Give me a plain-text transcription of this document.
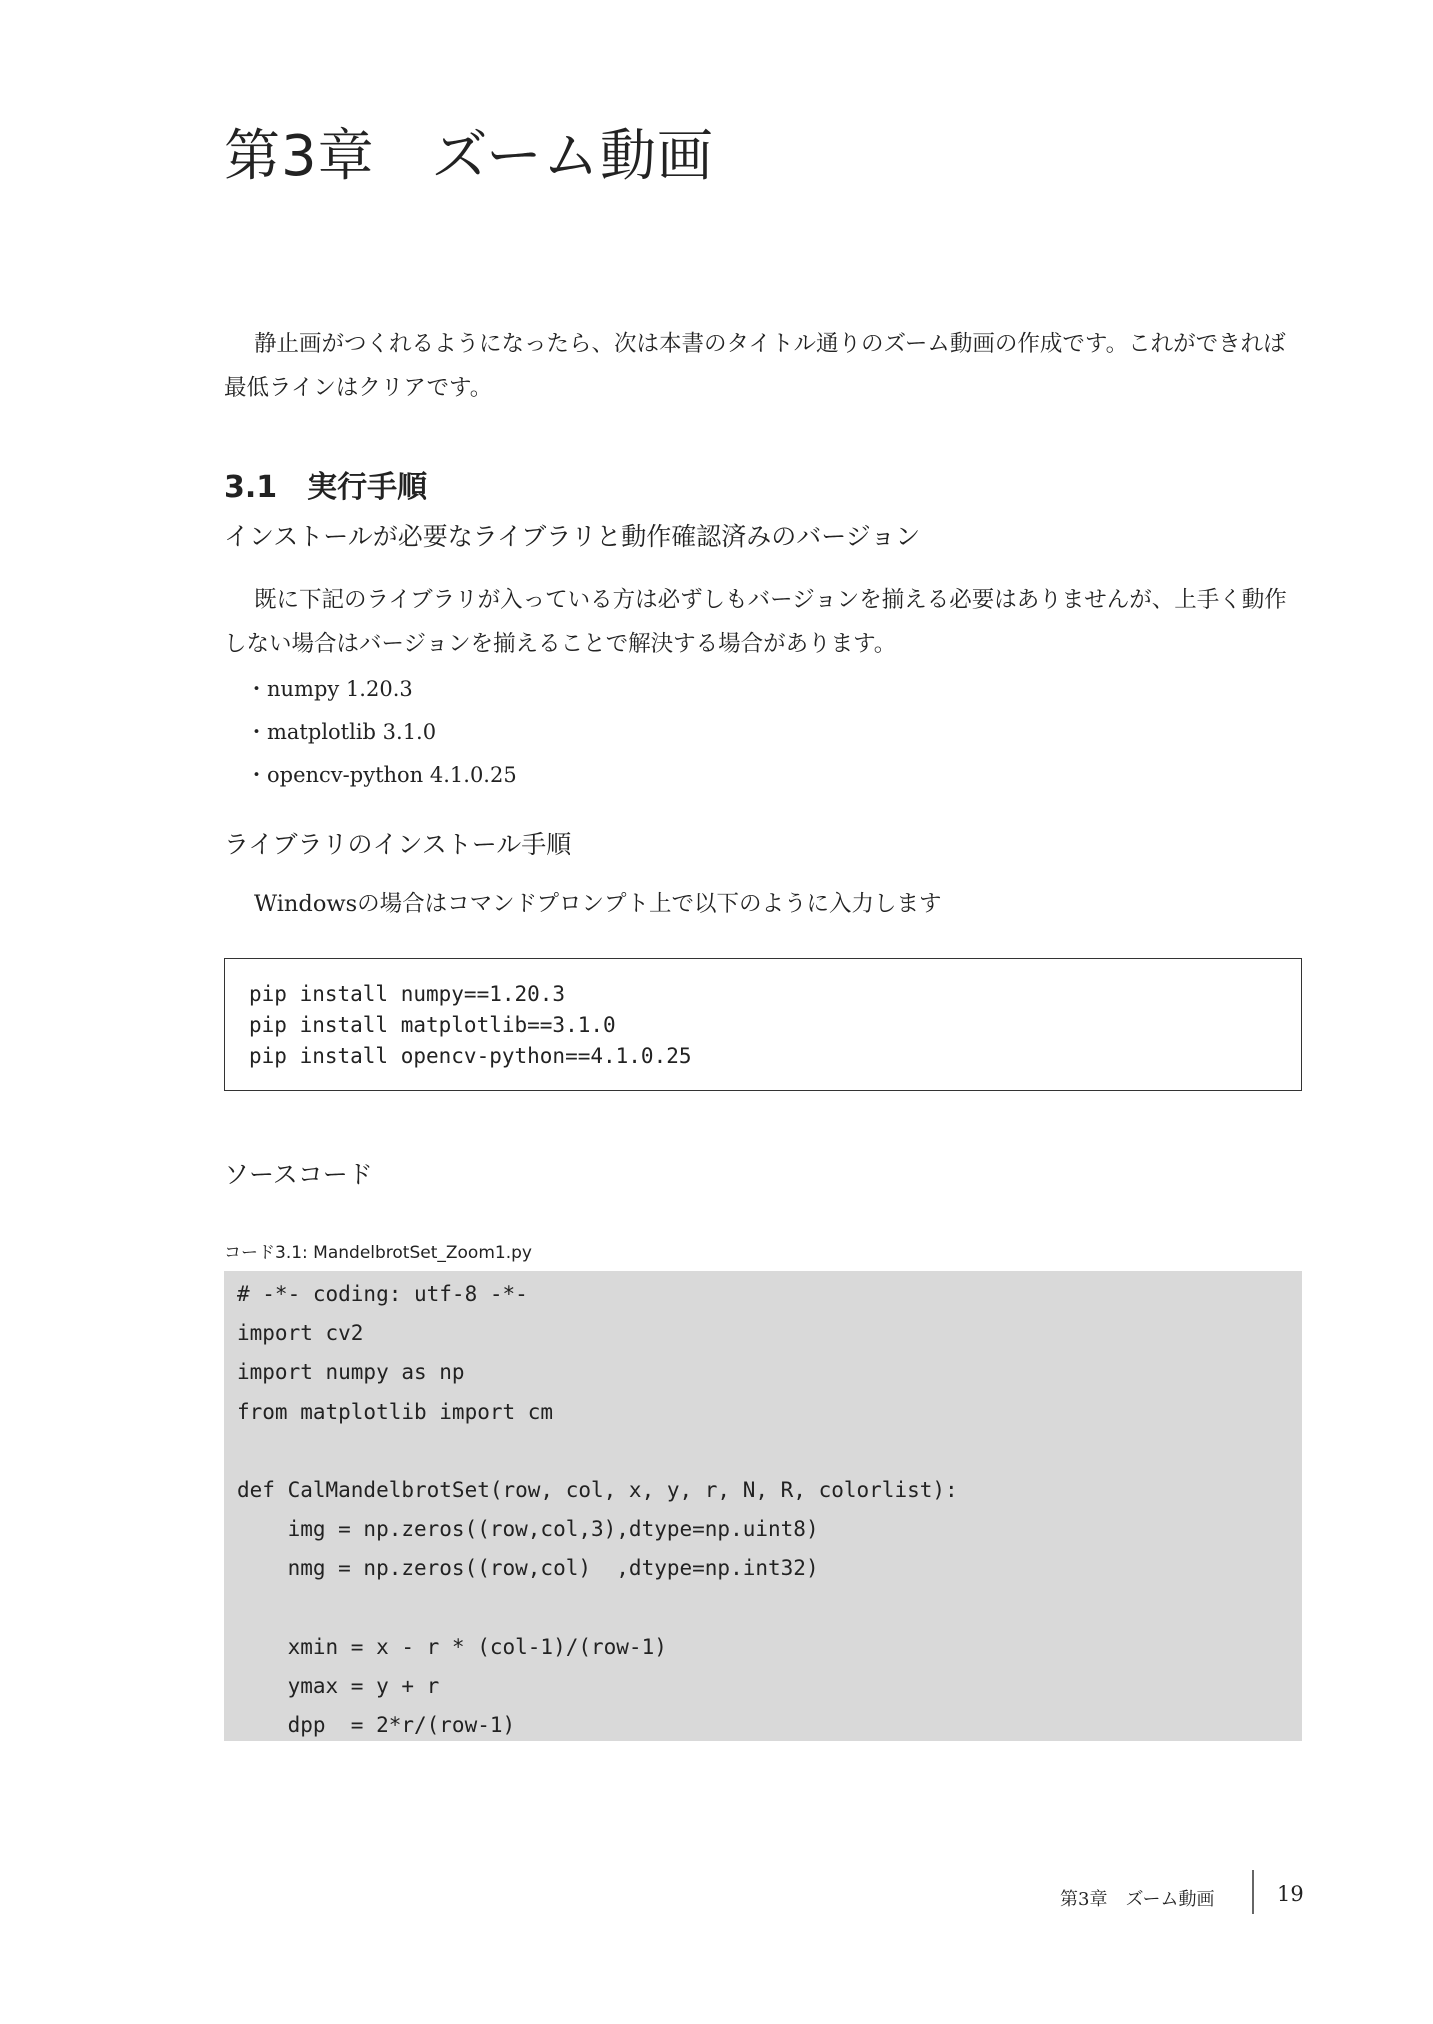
第3章　ズーム動画

静止画がつくれるようになったら、次は本書のタイトル通りのズーム動画の作成です。これができれば最低ラインはクリアです。

3.1　実行手順
インストールが必要なライブラリと動作確認済みのバージョン

既に下記のライブラリが入っている方は必ずしもバージョンを揃える必要はありませんが、上手く動作しない場合はバージョンを揃えることで解決する場合があります。

・numpy 1.20.3
・matplotlib 3.1.0
・opencv-python 4.1.0.25
ライブラリのインストール手順

Windowsの場合はコマンドプロンプト上で以下のように入力します

pip install numpy==1.20.3
pip install matplotlib==3.1.0
pip install opencv-python==4.1.0.25
ソースコード

コード3.1: MandelbrotSet_Zoom1.py

# -*- coding: utf-8 -*-
import cv2
import numpy as np
from matplotlib import cm
def CalMandelbrotSet(row, col, x, y, r, N, R, colorlist):
img = np.zeros((row,col,3),dtype=np.uint8)
nmg = np.zeros((row,col)  ,dtype=np.int32)
xmin = x - r * (col-1)/(row-1)
ymax = y + r
dpp  = 2*r/(row-1)

第3章　ズーム動画	19
